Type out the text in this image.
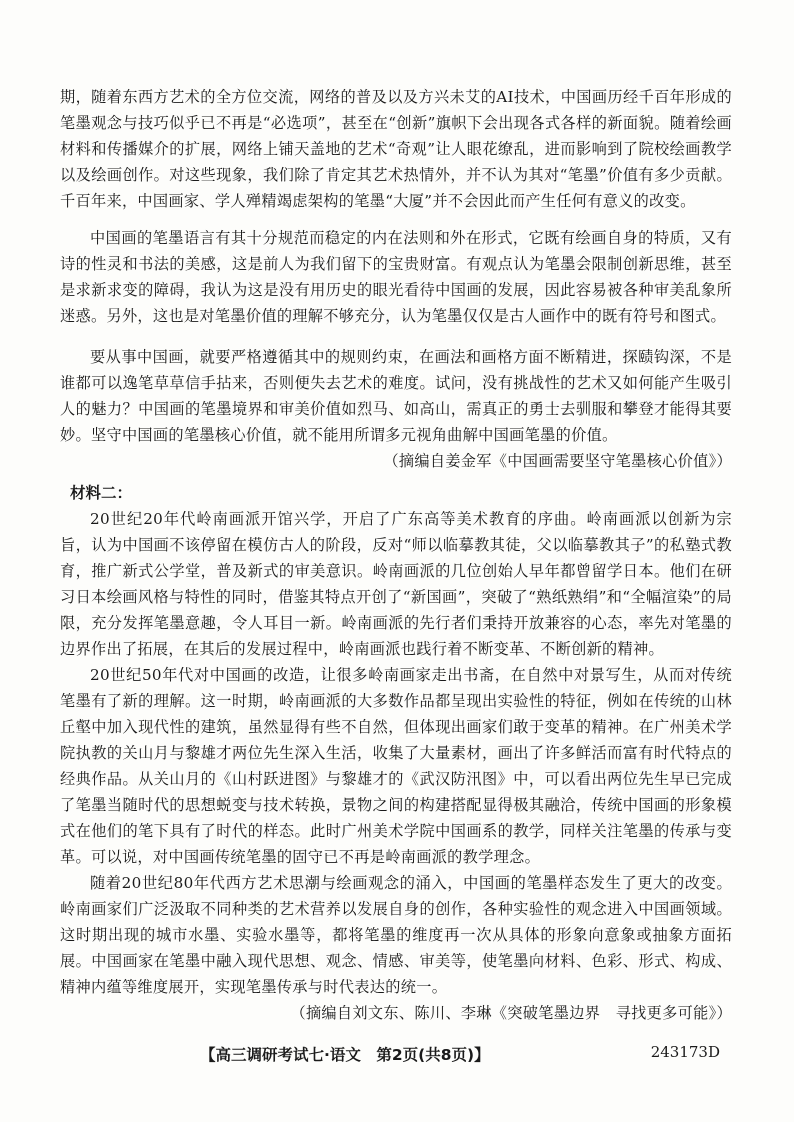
期，随着东西方艺术的全方位交流，网络的普及以及方兴未艾的AI技术，中国画历经千百年形成的笔墨观念与技巧似乎已不再是“必选项”，甚至在“创新”旗帜下会出现各式各样的新面貌。随着绘画材料和传播媒介的扩展，网络上铺天盖地的艺术“奇观”让人眼花缭乱，进而影响到了院校绘画教学以及绘画创作。对这些现象，我们除了肯定其艺术热情外，并不认为其对“笔墨”价值有多少贡献。千百年来，中国画家、学人殚精竭虑架构的笔墨“大厦”并不会因此而产生任何有意义的改变。

中国画的笔墨语言有其十分规范而稳定的内在法则和外在形式，它既有绘画自身的特质，又有诗的性灵和书法的美感，这是前人为我们留下的宝贵财富。有观点认为笔墨会限制创新思维，甚至是求新求变的障碍，我认为这是没有用历史的眼光看待中国画的发展，因此容易被各种审美乱象所迷惑。另外，这也是对笔墨价值的理解不够充分，认为笔墨仅仅是古人画作中的既有符号和图式。

要从事中国画，就要严格遵循其中的规则约束，在画法和画格方面不断精进，探赜钩深，不是谁都可以逸笔草草信手拈来，否则便失去艺术的难度。试问，没有挑战性的艺术又如何能产生吸引人的魅力？中国画的笔墨境界和审美价值如烈马、如高山，需真正的勇士去驯服和攀登才能得其要妙。坚守中国画的笔墨核心价值，就不能用所谓多元视角曲解中国画笔墨的价值。

（摘编自姜金军《中国画需要坚守笔墨核心价值》）

材料二：

20世纪20年代岭南画派开馆兴学，开启了广东高等美术教育的序曲。岭南画派以创新为宗旨，认为中国画不该停留在模仿古人的阶段，反对“师以临摹教其徒，父以临摹教其子”的私塾式教育，推广新式公学堂，普及新式的审美意识。岭南画派的几位创始人早年都曾留学日本。他们在研习日本绘画风格与特性的同时，借鉴其特点开创了“新国画”，突破了“熟纸熟绢”和“全幅渲染”的局限，充分发挥笔墨意趣，令人耳目一新。岭南画派的先行者们秉持开放兼容的心态，率先对笔墨的边界作出了拓展，在其后的发展过程中，岭南画派也践行着不断变革、不断创新的精神。

20世纪50年代对中国画的改造，让很多岭南画家走出书斋，在自然中对景写生，从而对传统笔墨有了新的理解。这一时期，岭南画派的大多数作品都呈现出实验性的特征，例如在传统的山林丘壑中加入现代性的建筑，虽然显得有些不自然，但体现出画家们敢于变革的精神。在广州美术学院执教的关山月与黎雄才两位先生深入生活，收集了大量素材，画出了许多鲜活而富有时代特点的经典作品。从关山月的《山村跃进图》与黎雄才的《武汉防汛图》中，可以看出两位先生早已完成了笔墨当随时代的思想蜕变与技术转换，景物之间的构建搭配显得极其融洽，传统中国画的形象模式在他们的笔下具有了时代的样态。此时广州美术学院中国画系的教学，同样关注笔墨的传承与变革。可以说，对中国画传统笔墨的固守已不再是岭南画派的教学理念。

随着20世纪80年代西方艺术思潮与绘画观念的涌入，中国画的笔墨样态发生了更大的改变。岭南画家们广泛汲取不同种类的艺术营养以发展自身的创作，各种实验性的观念进入中国画领域。这时期出现的城市水墨、实验水墨等，都将笔墨的维度再一次从具体的形象向意象或抽象方面拓展。中国画家在笔墨中融入现代思想、观念、情感、审美等，使笔墨向材料、色彩、形式、构成、精神内蕴等维度展开，实现笔墨传承与时代表达的统一。

（摘编自刘文东、陈川、李琳《突破笔墨边界　寻找更多可能》）

【高三调研考试七·语文　第2页(共8页)】	243173D
